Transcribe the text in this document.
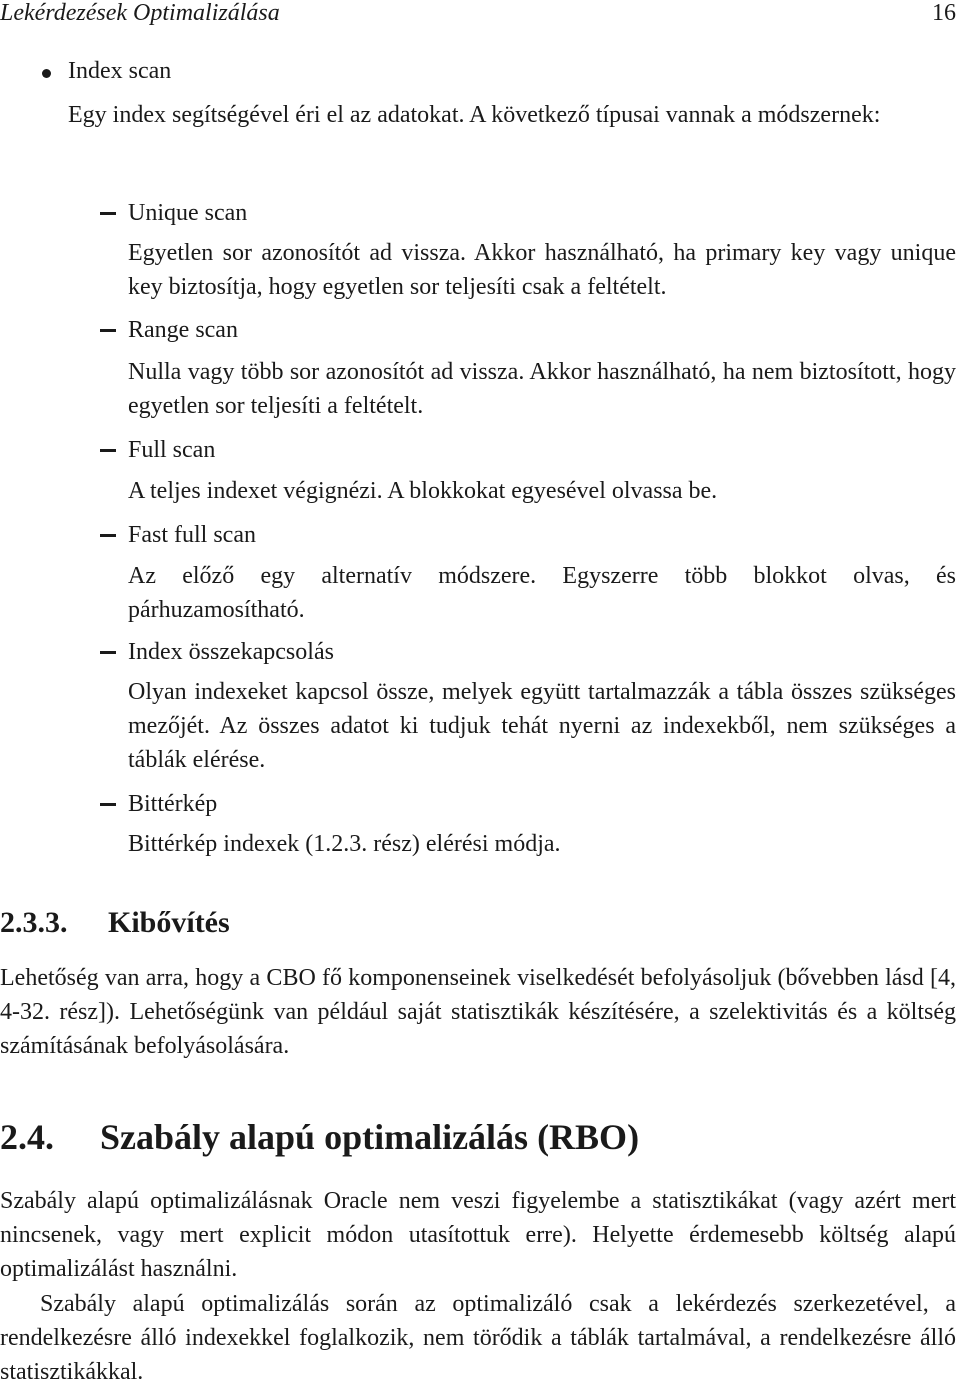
Lekérdezések Optimalizálása	16
Index scan
Egy index segítségével éri el az adatokat. A következő típusai vannak a módszernek:
Unique scan
Egyetlen sor azonosítót ad vissza. Akkor használható, ha primary key vagy unique key biztosítja, hogy egyetlen sor teljesíti csak a feltételt.
Range scan
Nulla vagy több sor azonosítót ad vissza. Akkor használható, ha nem biztosított, hogy egyetlen sor teljesíti a feltételt.
Full scan
A teljes indexet végignézi. A blokkokat egyesével olvassa be.
Fast full scan
Az előző egy alternatív módszere. Egyszerre több blokkot olvas, és párhuzamosítható.
Index összekapcsolás
Olyan indexeket kapcsol össze, melyek együtt tartalmazzák a tábla összes szükséges mezőjét. Az összes adatot ki tudjuk tehát nyerni az indexekből, nem szükséges a táblák elérése.
Bittérkép
Bittérkép indexek (1.2.3. rész) elérési módja.
2.3.3. Kibővítés
Lehetőség van arra, hogy a CBO fő komponenseinek viselkedését befolyásoljuk (bővebben lásd [4, 4-32. rész]). Lehetőségünk van például saját statisztikák készítésére, a szelektivitás és a költség számításának befolyásolására.
2.4. Szabály alapú optimalizálás (RBO)
Szabály alapú optimalizálásnak Oracle nem veszi figyelembe a statisztikákat (vagy azért mert nincsenek, vagy mert explicit módon utasítottuk erre). Helyette érdemesebb költség alapú optimalizálást használni.
Szabály alapú optimalizálás során az optimalizáló csak a lekérdezés szerkezetével, a rendelkezésre álló indexekkel foglalkozik, nem törődik a táblák tartalmával, a rendelkezésre álló statisztikákkal.
